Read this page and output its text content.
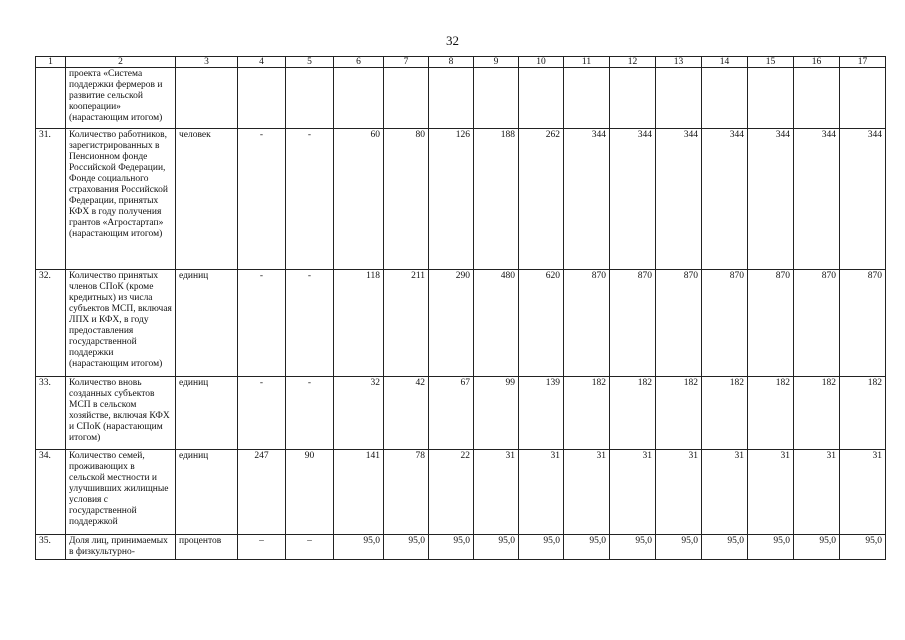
32
1	2	3	4	5	6	7	8	9	10	11	12	13	14	15	16	17
	проекта «Система поддержки фермеров и развитие сельской кооперации» (нарастающим итогом)															
31.	Количество работников, зарегистрированных в Пенсионном фонде Российской Федерации, Фонде социального страхования Российской Федерации, принятых КФХ в году получения грантов «Агростартап» (нарастающим итогом)	человек	-	-	60	80	126	188	262	344	344	344	344	344	344	344
32.	Количество принятых членов СПоК (кроме кредитных) из числа субъектов МСП, включая ЛПХ и КФХ, в году предоставления государственной поддержки (нарастающим итогом)	единиц	-	-	118	211	290	480	620	870	870	870	870	870	870	870
33.	Количество вновь созданных субъектов МСП в сельском хозяйстве, включая КФХ и СПоК (нарастающим итогом)	единиц	-	-	32	42	67	99	139	182	182	182	182	182	182	182
34.	Количество семей, проживающих в сельской местности и улучшивших жилищные условия с государственной поддержкой	единиц	247	90	141	78	22	31	31	31	31	31	31	31	31	31
35.	Доля лиц, принимаемых в физкультурно-	процентов	–	–	95,0	95,0	95,0	95,0	95,0	95,0	95,0	95,0	95,0	95,0	95,0	95,0
